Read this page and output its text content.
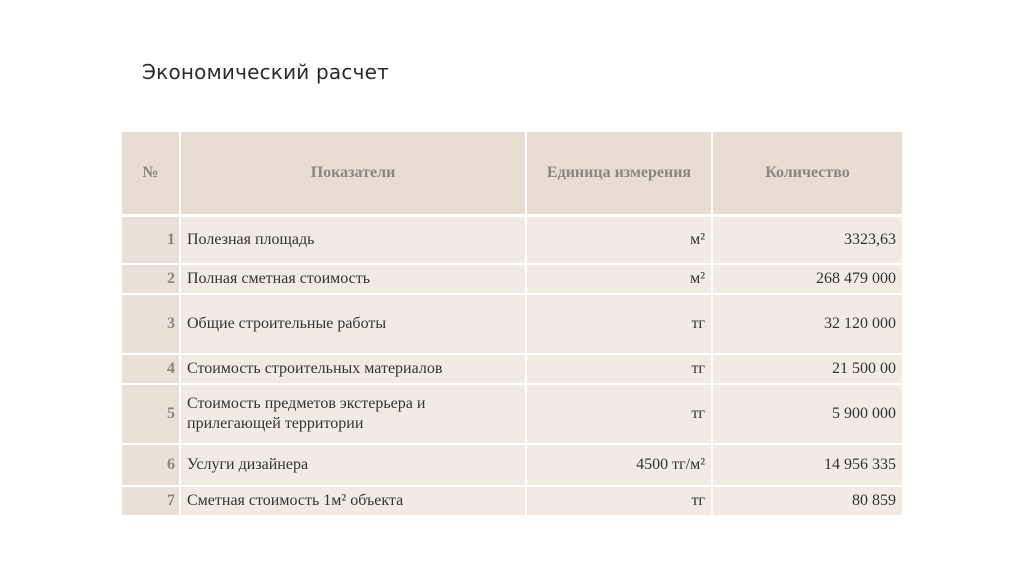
Экономический расчет
№	Показатели	Единица измерения	Количество
1	Полезная площадь	м²	3323,63
2	Полная сметная стоимость	м²	268 479 000
3	Общие строительные работы	тг	32 120 000
4	Стоимость строительных материалов	тг	21 500 00
5	Стоимость предметов экстерьера и прилегающей территории	тг	5 900 000
6	Услуги дизайнера	4500 тг/м²	14 956 335
7	Сметная стоимость 1м² объекта	тг	80 859
